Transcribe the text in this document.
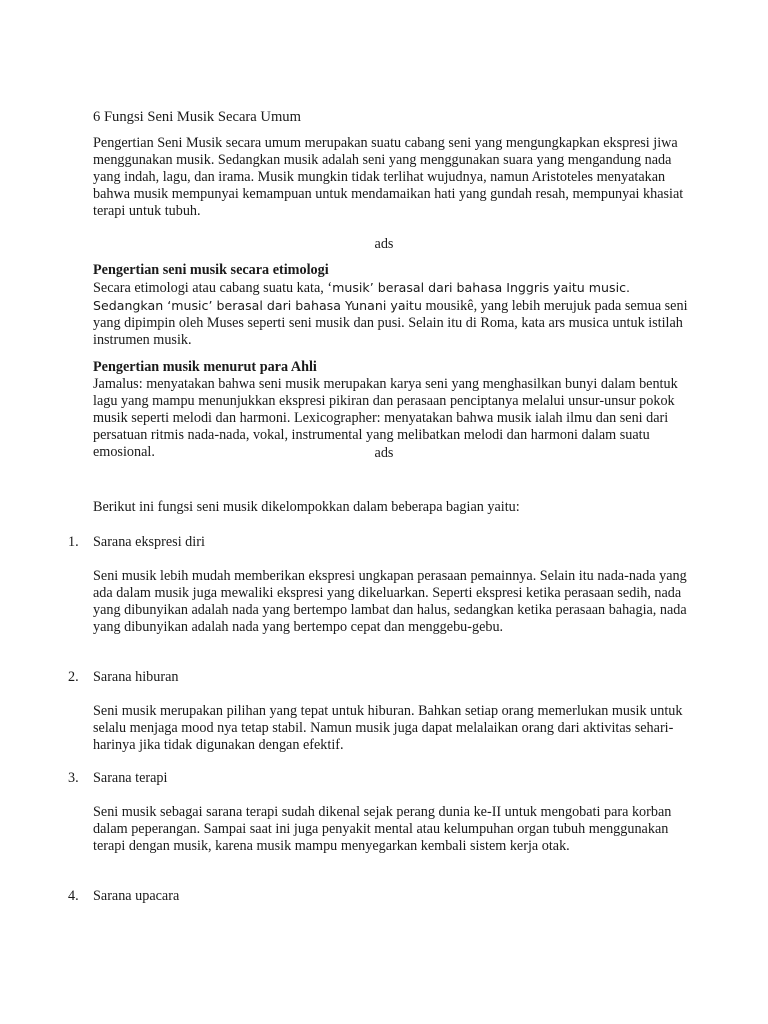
6 Fungsi Seni Musik Secara Umum

Pengertian Seni Musik secara umum merupakan suatu cabang seni yang mengungkapkan ekspresi jiwa menggunakan musik. Sedangkan musik adalah seni yang menggunakan suara yang mengandung nada yang indah, lagu, dan irama. Musik mungkin tidak terlihat wujudnya, namun Aristoteles menyatakan bahwa musik mempunyai kemampuan untuk mendamaikan hati yang gundah resah, mempunyai khasiat terapi untuk tubuh.

ads

Pengertian seni musik secara etimologi
Secara etimologi atau cabang suatu kata, ‘musik’ berasal dari bahasa Inggris yaitu music. Sedangkan ‘music’ berasal dari bahasa Yunani yaitu mousikê, yang lebih merujuk pada semua seni yang dipimpin oleh Muses seperti seni musik dan pusi. Selain itu di Roma, kata ars musica untuk istilah instrumen musik.
Pengertian musik menurut para Ahli
Jamalus: menyatakan bahwa seni musik merupakan karya seni yang menghasilkan bunyi dalam bentuk lagu yang mampu menunjukkan ekspresi pikiran dan perasaan penciptanya melalui unsur-unsur pokok musik seperti melodi dan harmoni. Lexicographer: menyatakan bahwa musik ialah ilmu dan seni dari persatuan ritmis nada-nada, vokal, instrumental yang melibatkan melodi dan harmoni dalam suatu emosional.	ads

Berikut ini fungsi seni musik dikelompokkan dalam beberapa bagian yaitu:

1. Sarana ekspresi diri

Seni musik lebih mudah memberikan ekspresi ungkapan perasaan pemainnya. Selain itu nada-nada yang ada dalam musik juga mewaliki ekspresi yang dikeluarkan. Seperti ekspresi ketika perasaan sedih, nada yang dibunyikan adalah nada yang bertempo lambat dan halus, sedangkan ketika perasaan bahagia, nada yang dibunyikan adalah nada yang bertempo cepat dan menggebu-gebu.

2. Sarana hiburan

Seni musik merupakan pilihan yang tepat untuk hiburan. Bahkan setiap orang memerlukan musik untuk selalu menjaga mood nya tetap stabil. Namun musik juga dapat melalaikan orang dari aktivitas sehari-harinya jika tidak digunakan dengan efektif.

3. Sarana terapi

Seni musik sebagai sarana terapi sudah dikenal sejak perang dunia ke-II untuk mengobati para korban dalam peperangan. Sampai saat ini juga penyakit mental atau kelumpuhan organ tubuh menggunakan terapi dengan musik, karena musik mampu menyegarkan kembali sistem kerja otak.

4. Sarana upacara
